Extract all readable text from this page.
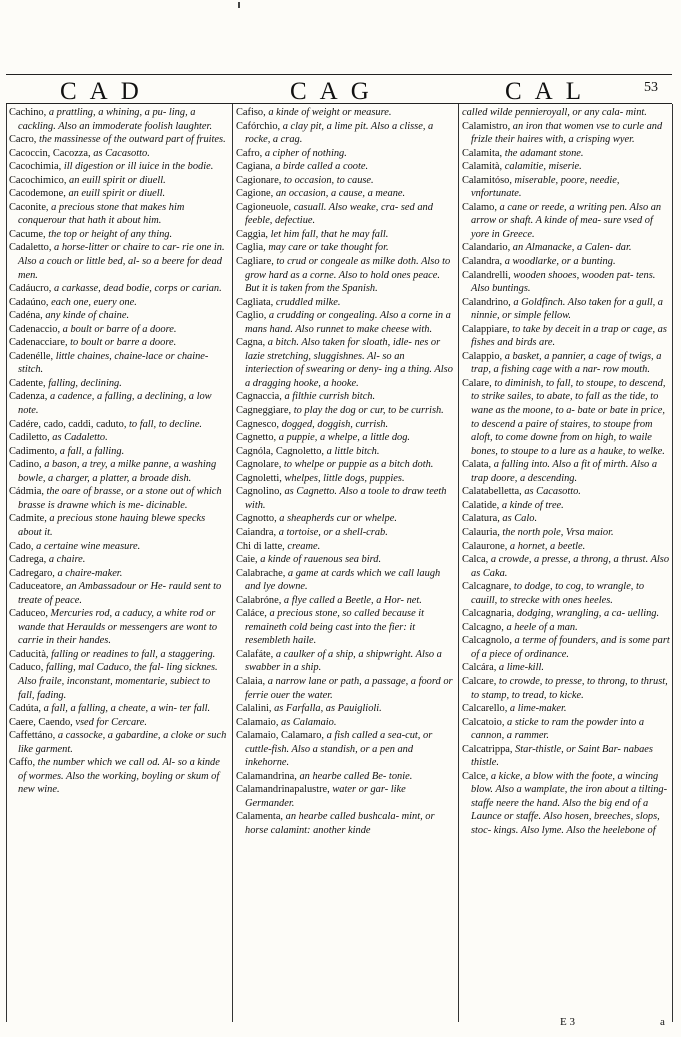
CAD	CAG	CAL	53

Cachino, a prattling, a whining, a pu- ling, a cackling. Also an immoderate foolish laughter.

Cacro, the massinesse of the outward part of fruites.

Cacoccin, Cacozza, as Cacasotto.

Cacochimia, ill digestion or ill iuice in the bodie.

Cacochimico, an euill spirit or diuell.

Cacodemone, an euill spirit or diuell.

Caconite, a precious stone that makes him conquerour that hath it about him.

Cacume, the top or height of any thing.

Cadaletto, a horse-litter or chaire to car- rie one in. Also a couch or little bed, al- so a beere for dead men.

Cadáucro, a carkasse, dead bodie, corps or carian.

Cadaúno, each one, euery one.

Cadéna, any kinde of chaine.

Cadenaccio, a boult or barre of a doore.

Cadenacciare, to boult or barre a doore.

Cadenélle, little chaines, chaine-lace or chaine-stitch.

Cadente, falling, declining.

Cadenza, a cadence, a falling, a declining, a low note.

Cadére, cado, caddi, caduto, to fall, to decline.

Cadiletto, as Cadaletto.

Cadimento, a fall, a falling.

Cadino, a bason, a trey, a milke panne, a washing bowle, a charger, a platter, a broade dish.

Cádmia, the oare of brasse, or a stone out of which brasse is drawne which is me- dicinable.

Cadmite, a precious stone hauing blewe specks about it.

Cado, a certaine wine measure.

Cadrega, a chaire.

Cadregaro, a chaire-maker.

Caduceatore, an Ambassadour or He- rauld sent to treate of peace.

Caduceo, Mercuries rod, a caducy, a white rod or wande that Heraulds or messengers are wont to carrie in their handes.

Caducità, falling or readines to fall, a staggering.

Caduco, falling, mal Caduco, the fal- ling sicknes. Also fraile, inconstant, momentarie, subiect to fall, fading.

Cadúta, a fall, a falling, a cheate, a win- ter fall.

Caere, Caendo, vsed for Cercare.

Caffettáno, a cassocke, a gabardine, a cloke or such like garment.

Caffo, the number which we call od. Al- so a kinde of wormes. Also the working, boyling or skum of new wine.

Cafiso, a kinde of weight or measure.

Cafórchio, a clay pit, a lime pit. Also a clisse, a rocke, a crag.

Cafro, a cipher of nothing.

Cagiana, a birde called a coote.

Cagionare, to occasion, to cause.

Cagione, an occasion, a cause, a meane.

Cagioneuole, casuall. Also weake, cra- sed and feeble, defectiue.

Caggia, let him fall, that he may fall.

Caglia, may care or take thought for.

Cagliare, to crud or congeale as milke doth. Also to grow hard as a corne. Also to hold ones peace. But it is taken from the Spanish.

Cagliata, cruddled milke.

Caglio, a crudding or congealing. Also a corne in a mans hand. Also runnet to make cheese with.

Cagna, a bitch. Also taken for sloath, idle- nes or lazie stretching, sluggishnes. Al- so an interiection of swearing or deny- ing a thing. Also a dragging hooke, a hooke.

Cagnaccia, a filthie currish bitch.

Cagneggiare, to play the dog or cur, to be currish.

Cagnesco, dogged, doggish, currish.

Cagnetto, a puppie, a whelpe, a little dog.

Cagnóla, Cagnoletto, a little bitch.

Cagnolare, to whelpe or puppie as a bitch doth.

Cagnoletti, whelpes, little dogs, puppies.

Cagnolino, as Cagnetto. Also a toole to draw teeth with.

Cagnotto, a sheapherds cur or whelpe.

Caiandra, a tortoise, or a shell-crab.

Chi di latte, creame.

Caie, a kinde of rauenous sea bird.

Calabrache, a game at cards which we call laugh and lye downe.

Calabróne, a flye called a Beetle, a Hor- net.

Caláce, a precious stone, so called because it remaineth cold being cast into the fier: it resembleth haile.

Calafáte, a caulker of a ship, a shipwright. Also a swabber in a ship.

Calaia, a narrow lane or path, a passage, a foord or ferrie ouer the water.

Calalini, as Farfalla, as Pauiglioli.

Calamaio, as Calamaio.

Calamaio, Calamaro, a fish called a sea-cut, or cuttle-fish. Also a standish, or a pen and inkehorne.

Calamandrina, an hearbe called Be- tonie.

Calamandrinapalustre, water or gar- like Germander.

Calamenta, an hearbe called bushcala- mint, or horse calamint: another kinde

called wilde pennieroyall, or any cala- mint.

Calamistro, an iron that women vse to curle and frizle their haires with, a crisping wyer.

Calamita, the adamant stone.

Calamità, calamitie, miserie.

Calamitóso, miserable, poore, needie, vnfortunate.

Calamo, a cane or reede, a writing pen. Also an arrow or shaft. A kinde of mea- sure vsed of yore in Greece.

Calandario, an Almanacke, a Calen- dar.

Calandra, a woodlarke, or a bunting.

Calandrelli, wooden shooes, wooden pat- tens. Also buntings.

Calandrino, a Goldfinch. Also taken for a gull, a ninnie, or simple fellow.

Calappiare, to take by deceit in a trap or cage, as fishes and birds are.

Calappio, a basket, a pannier, a cage of twigs, a trap, a fishing cage with a nar- row mouth.

Calare, to diminish, to fall, to stoupe, to descend, to strike sailes, to abate, to fall as the tide, to wane as the moone, to a- bate or bate in price, to descend a paire of staires, to stoupe from aloft, to come downe from on high, to waile bones, to stoupe to a lure as a hauke, to welke.

Calata, a falling into. Also a fit of mirth. Also a trap doore, a descending.

Calatabelletta, as Cacasotto.

Calatide, a kinde of tree.

Calatura, as Calo.

Calauria, the north pole, Vrsa maior.

Calaurone, a hornet, a beetle.

Calca, a crowde, a presse, a throng, a thrust. Also as Caka.

Calcagnare, to dodge, to cog, to wrangle, to cauill, to strecke with ones heeles.

Calcagnaria, dodging, wrangling, a ca- uelling.

Calcagno, a heele of a man.

Calcagnolo, a terme of founders, and is some part of a piece of ordinance.

Calcára, a lime-kill.

Calcare, to crowde, to presse, to throng, to thrust, to stamp, to tread, to kicke.

Calcarello, a lime-maker.

Calcatoio, a sticke to ram the powder into a cannon, a rammer.

Calcatrippa, Star-thistle, or Saint Bar- nabaes thistle.

Calce, a kicke, a blow with the foote, a wincing blow. Also a wamplate, the iron about a tilting-staffe neere the hand. Also the big end of a Launce or staffe. Also hosen, breeches, slops, stoc- kings. Also lyme. Also the heelebone of

E 3	a
